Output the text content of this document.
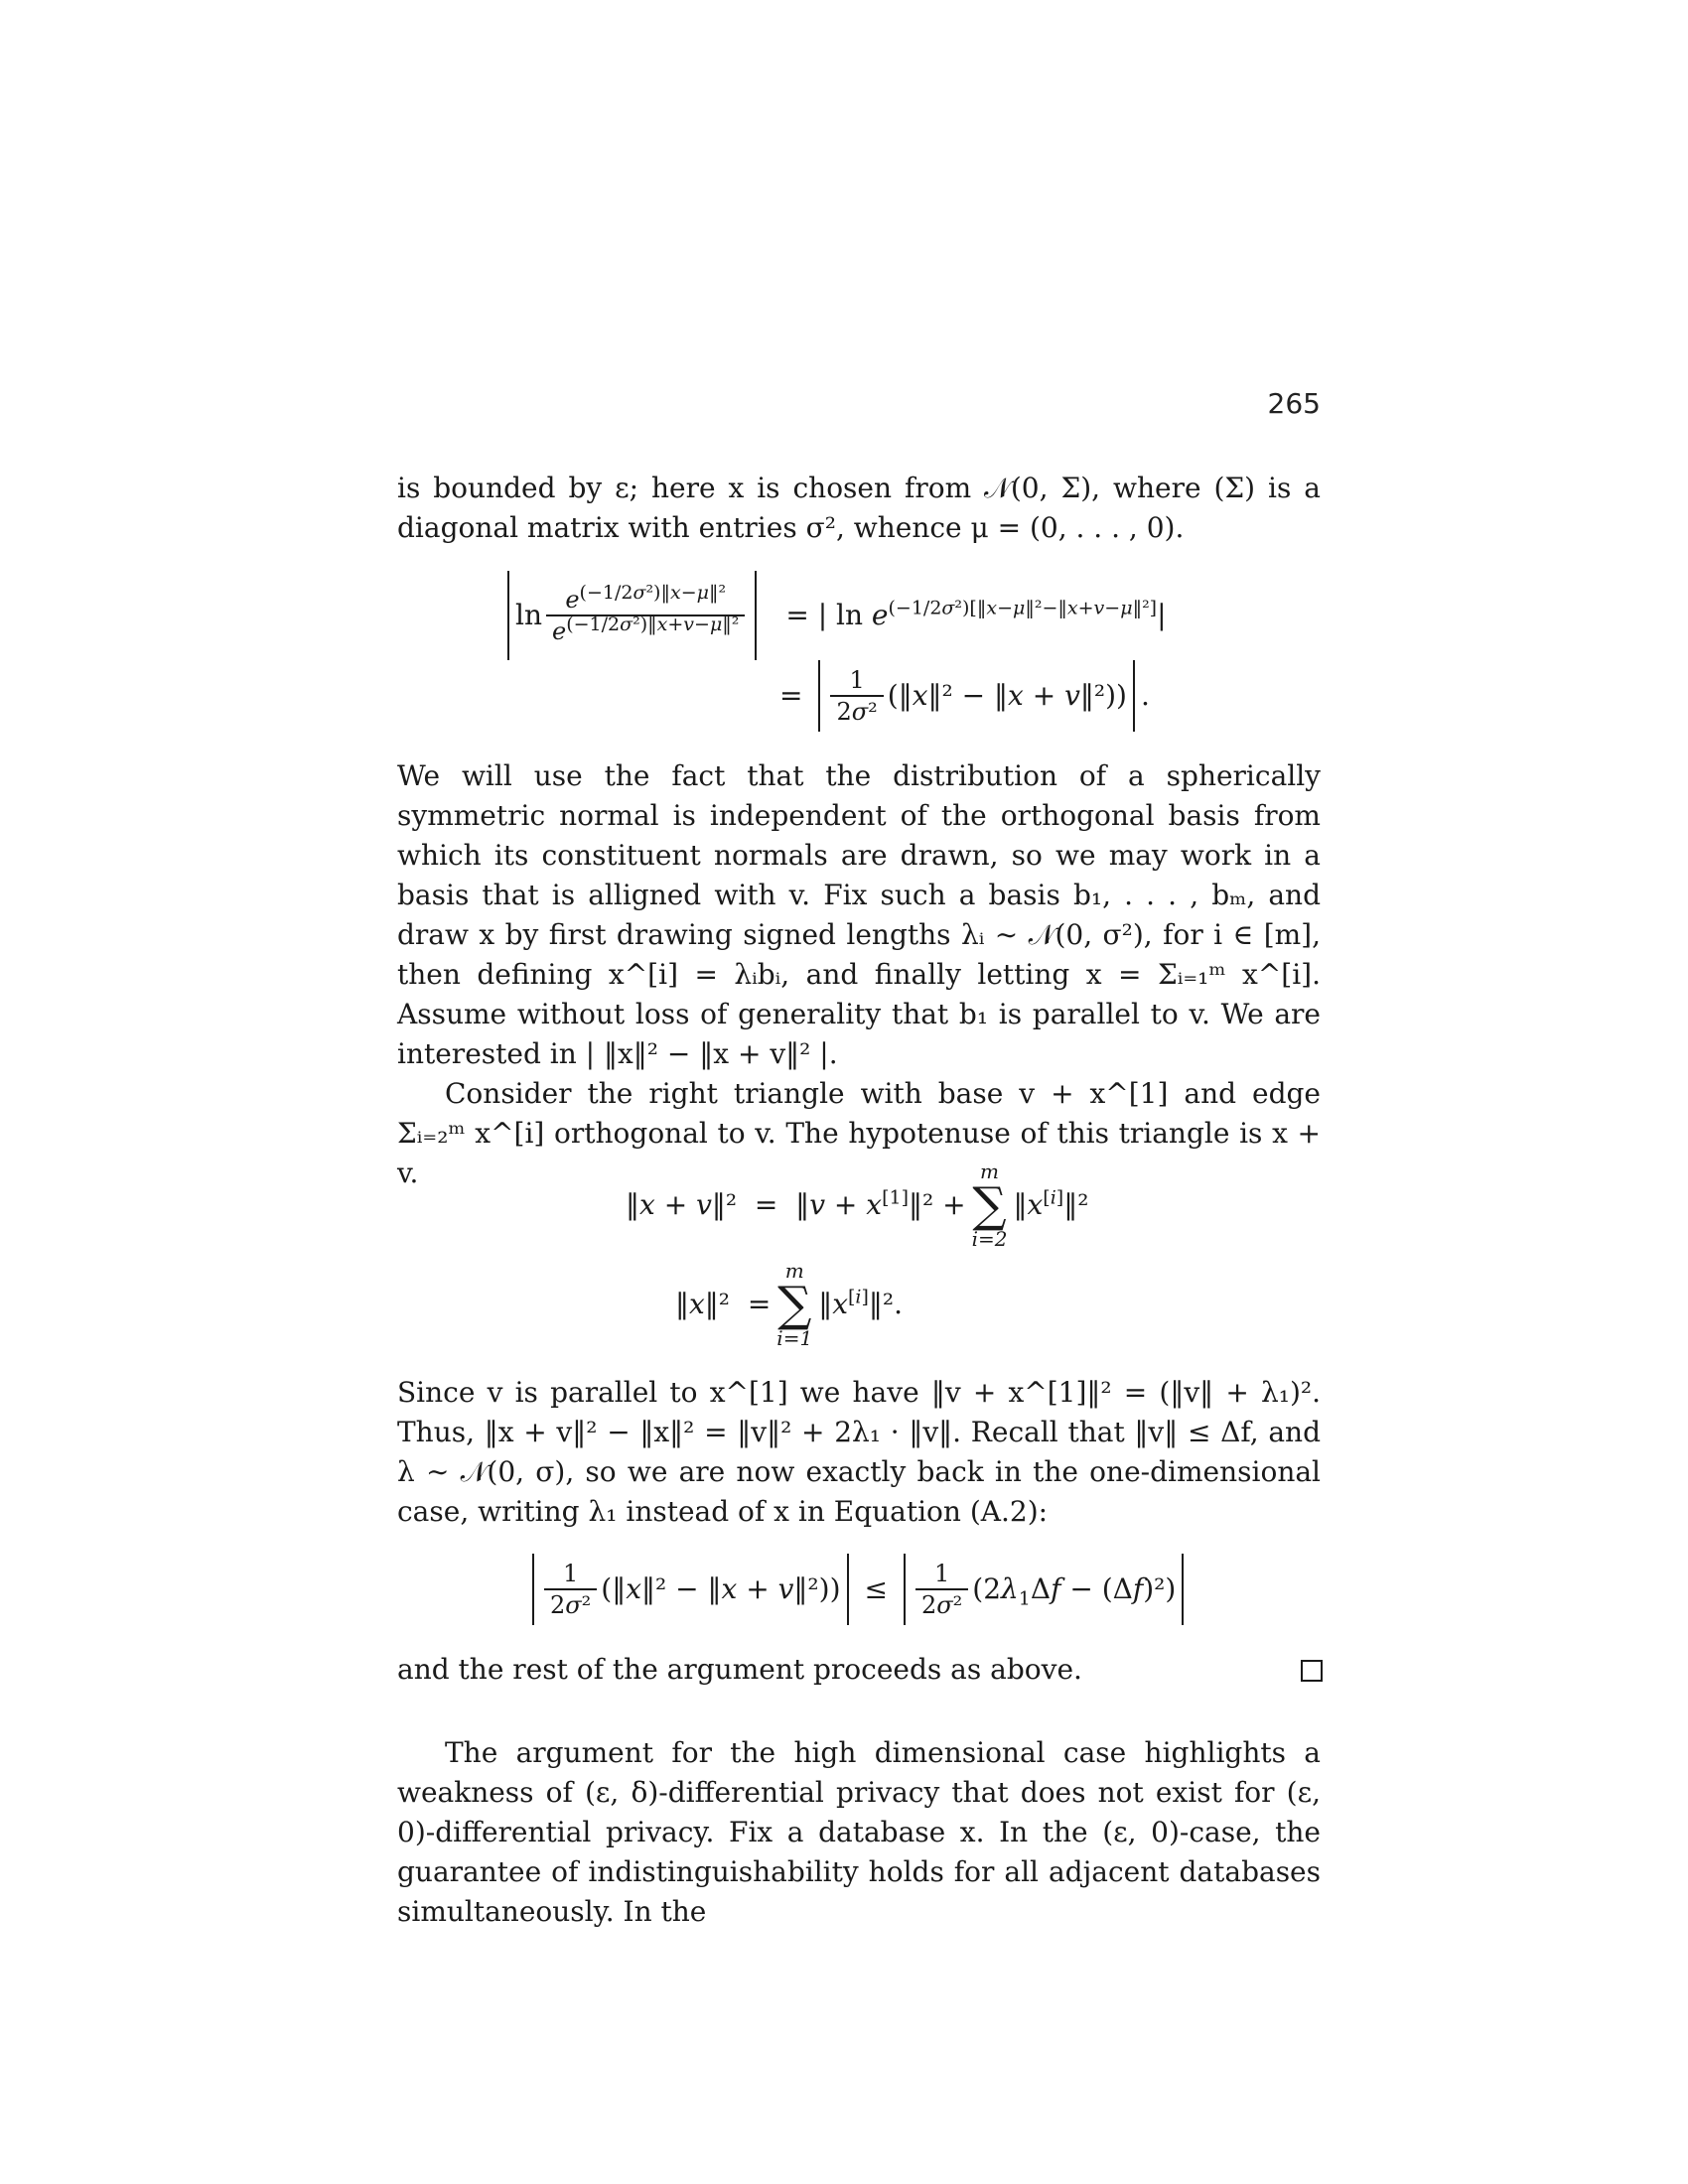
265

is bounded by ε; here x is chosen from 𝒩(0, Σ), where (Σ) is a diagonal matrix with entries σ², whence μ = (0, . . . , 0).

$\ln \frac{e^{(-1/2\sigma^2)‖x-\mu‖^2}}{e^{(-1/2\sigma^2)‖x+v-\mu‖^2}}$ = | $\ln e^{(-1/2\sigma^2)[‖x-\mu‖^2-‖x+v-\mu‖^2]}|$
= $\frac{1}{\text{2σ²}}$ (‖x‖² − ‖x + v‖²)) .

We will use the fact that the distribution of a spherically symmetric normal is independent of the orthogonal basis from which its constituent normals are drawn, so we may work in a basis that is alligned with v. Fix such a basis b₁, . . . , bₘ, and draw x by first drawing signed lengths λᵢ ∼ 𝒩(0, σ²), for i ∈ [m], then defining x^[i] = λᵢbᵢ, and finally letting x = Σᵢ₌₁ᵐ x^[i]. Assume without loss of generality that b₁ is parallel to v. We are interested in | ‖x‖² − ‖x + v‖² |.

Consider the right triangle with base v + x^[1] and edge Σᵢ₌₂ᵐ x^[i] orthogonal to v. The hypotenuse of this triangle is x + v.

‖x + v‖²  =  ‖v + x[1]‖² +
m
∑
i=2
‖x[i]‖²
‖x‖²  =
m
∑
i=1
‖x[i]‖².

Since v is parallel to x^[1] we have ‖v + x^[1]‖² = (‖v‖ + λ₁)². Thus, ‖x + v‖² − ‖x‖² = ‖v‖² + 2λ₁ · ‖v‖. Recall that ‖v‖ ≤ Δf, and λ ∼ 𝒩(0, σ), so we are now exactly back in the one-dimensional case, writing λ₁ instead of x in Equation (A.2):

$\frac{1}{\text{2σ²}}$ (‖x‖² − ‖x + v‖²)) ≤ $\frac{1}{\text{2σ²}} (2\lambda_1\Delta f - (\Delta f)^2)$

and the rest of the argument proceeds as above.

The argument for the high dimensional case highlights a weakness of (ε, δ)-differential privacy that does not exist for (ε, 0)-differential privacy. Fix a database x. In the (ε, 0)-case, the guarantee of indistinguishability holds for all adjacent databases simultaneously. In the
